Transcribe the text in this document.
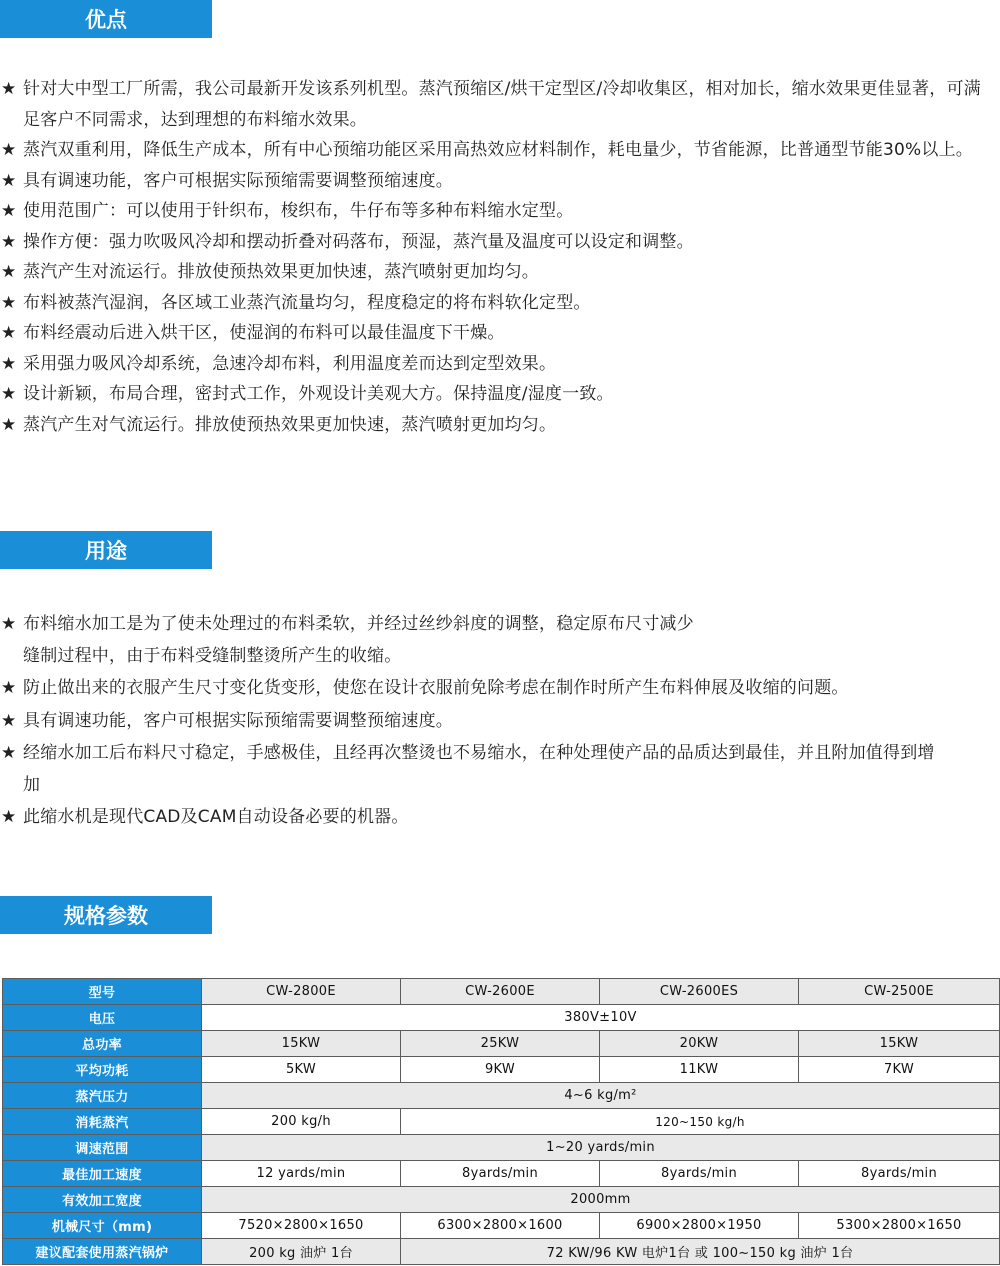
优点
★ 针对大中型工厂所需，我公司最新开发该系列机型。蒸汽预缩区/烘干定型区/冷却收集区，相对加长，缩水效果更佳显著，可满足客户不同需求，达到理想的布料缩水效果。
★ 蒸汽双重利用，降低生产成本，所有中心预缩功能区采用高热效应材料制作，耗电量少，节省能源，比普通型节能30%以上。
★ 具有调速功能，客户可根据实际预缩需要调整预缩速度。
★ 使用范围广：可以使用于针织布，梭织布，牛仔布等多种布料缩水定型。
★ 操作方便：强力吹吸风冷却和摆动折叠对码落布，预湿，蒸汽量及温度可以设定和调整。
★ 蒸汽产生对流运行。排放使预热效果更加快速，蒸汽喷射更加均匀。
★ 布料被蒸汽湿润，各区域工业蒸汽流量均匀，程度稳定的将布料软化定型。
★ 布料经震动后进入烘干区，使湿润的布料可以最佳温度下干燥。
★ 采用强力吸风冷却系统，急速冷却布料，利用温度差而达到定型效果。
★ 设计新颖，布局合理，密封式工作，外观设计美观大方。保持温度/湿度一致。
★ 蒸汽产生对气流运行。排放使预热效果更加快速，蒸汽喷射更加均匀。
用途
★ 布料缩水加工是为了使未处理过的布料柔软，并经过丝纱斜度的调整，稳定原布尺寸减少缝制过程中，由于布料受缝制整烫所产生的收缩。
★ 防止做出来的衣服产生尺寸变化货变形，使您在设计衣服前免除考虑在制作时所产生布料伸展及收缩的问题。
★ 具有调速功能，客户可根据实际预缩需要调整预缩速度。
★ 经缩水加工后布料尺寸稳定，手感极佳，且经再次整烫也不易缩水，在种处理使产品的品质达到最佳，并且附加值得到增加
★ 此缩水机是现代CAD及CAM自动设备必要的机器。
规格参数
型号	CW-2800E	CW-2600E	CW-2600ES	CW-2500E
电压	380V±10V			
总功率	15KW	25KW	20KW	15KW
平均功耗	5KW	9KW	11KW	7KW
蒸汽压力	4~6 kg/m²			
消耗蒸汽	200 kg/h	120~150 kg/h		
调速范围	1~20 yards/min			
最佳加工速度	12 yards/min	8yards/min	8yards/min	8yards/min
有效加工宽度	2000mm			
机械尺寸（mm)	7520×2800×1650	6300×2800×1600	6900×2800×1950	5300×2800×1650
建议配套使用蒸汽锅炉	200 kg 油炉 1台	72 KW/96 KW 电炉1台 或 100~150 kg 油炉 1台		
